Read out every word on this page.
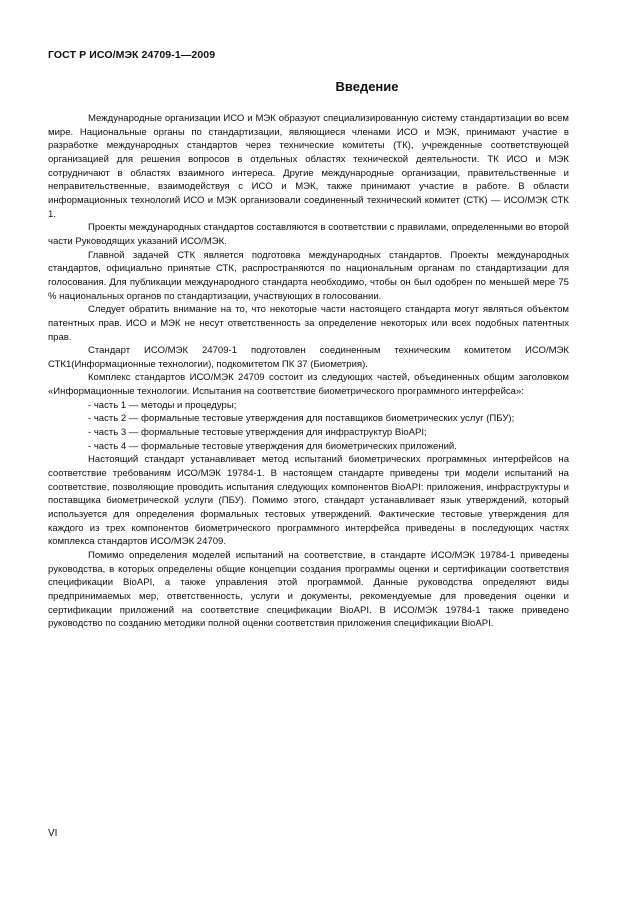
ГОСТ Р ИСО/МЭК 24709-1—2009
Введение

Международные организации ИСО и МЭК образуют специализированную систему стандартизации во всем мире. Национальные органы по стандартизации, являющиеся членами ИСО и МЭК, принимают участие в разработке международных стандартов через технические комитеты (ТК), учрежденные соответствующей организацией для решения вопросов в отдельных областях технической деятельности. ТК ИСО и МЭК сотрудничают в областях взаимного интереса. Другие международные организации, правительственные и неправительственные, взаимодействуя с ИСО и МЭК, также принимают участие в работе. В области информационных технологий ИСО и МЭК организовали соединенный технический комитет (СТК) — ИСО/МЭК СТК 1.

Проекты международных стандартов составляются в соответствии с правилами, определенными во второй части Руководящих указаний ИСО/МЭК.

Главной задачей СТК является подготовка международных стандартов. Проекты международных стандартов, официально принятые СТК, распространяются по национальным органам по стандартизации для голосования. Для публикации международного стандарта необходимо, чтобы он был одобрен по меньшей мере 75 % национальных органов по стандартизации, участвующих в голосовании.

Следует обратить внимание на то, что некоторые части настоящего стандарта могут являться объектом патентных прав. ИСО и МЭК не несут ответственность за определение некоторых или всех подобных патентных прав.

Стандарт ИСО/МЭК 24709-1 подготовлен соединенным техническим комитетом ИСО/МЭК СТК1(Информационные технологии), подкомитетом ПК 37 (Биометрия).

Комплекс стандартов ИСО/МЭК 24709 состоит из следующих частей, объединенных общим заголовком «Информационные технологии. Испытания на соответствие биометрического программного интерфейса»:

- часть 1 — методы и процедуры;
- часть 2 — формальные тестовые утверждения для поставщиков биометрических услуг (ПБУ);
- часть 3 — формальные тестовые утверждения для инфраструктур BioAPI;
- часть 4 — формальные тестовые утверждения для биометрических приложений.

Настоящий стандарт устанавливает метод испытаний биометрических программных интерфейсов на соответствие требованиям ИСО/МЭК 19784-1. В настоящем стандарте приведены три модели испытаний на соответствие, позволяющие проводить испытания следующих компонентов BioAPI: приложения, инфраструктуры и поставщика биометрической услуги (ПБУ). Помимо этого, стандарт устанавливает язык утверждений, который используется для определения формальных тестовых утверждений. Фактические тестовые утверждения для каждого из трех компонентов биометрического программного интерфейса приведены в последующих частях комплекса стандартов ИСО/МЭК 24709.

Помимо определения моделей испытаний на соответствие, в стандарте ИСО/МЭК 19784-1 приведены руководства, в которых определены общие концепции создания программы оценки и сертификации соответствия спецификации BioAPI, а также управления этой программой. Данные руководства определяют виды предпринимаемых мер, ответственность, услуги и документы, рекомендуемые для проведения оценки и сертификации приложений на соответствие спецификации BioAPI. В ИСО/МЭК 19784-1 также приведено руководство по созданию методики полной оценки соответствия приложения спецификации BioAPI.

VI
